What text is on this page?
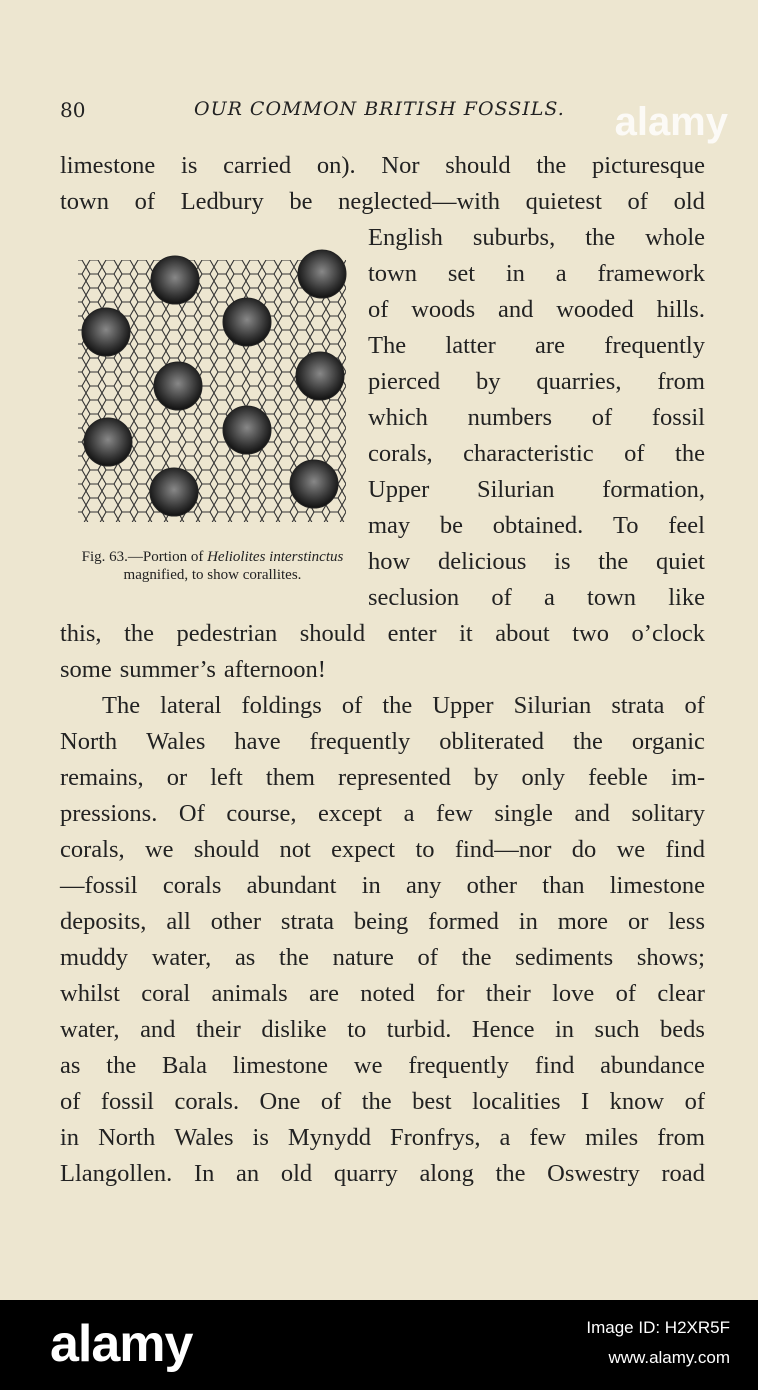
80	OUR COMMON BRITISH FOSSILS. alamy
limestone is carried on). Nor should the picturesque
town of Ledbury be neglected—with quietest of old
English suburbs, the whole
town set in a framework
of woods and wooded hills.
The latter are frequently
pierced by quarries, from
which numbers of fossil
corals, characteristic of the
Upper Silurian formation,
may be obtained. To feel
how delicious is the quiet
seclusion of a town like
this, the pedestrian should enter it about two o’clock
some summer’s afternoon!
The lateral foldings of the Upper Silurian strata of
North Wales have frequently obliterated the organic
remains, or left them represented by only feeble im-
pressions. Of course, except a few single and solitary
corals, we should not expect to find—nor do we find
—fossil corals abundant in any other than limestone
deposits, all other strata being formed in more or less
muddy water, as the nature of the sediments shows;
whilst coral animals are noted for their love of clear
water, and their dislike to turbid. Hence in such beds
as the Bala limestone we frequently find abundance
of fossil corals. One of the best localities I know of
in North Wales is Mynydd Fronfrys, a few miles from
Llangollen. In an old quarry along the Oswestry road
Fig. 63.—Portion of Heliolites interstinctus magnified, to show corallites.
alamy	Image ID: H2XR5F
www.alamy.com
